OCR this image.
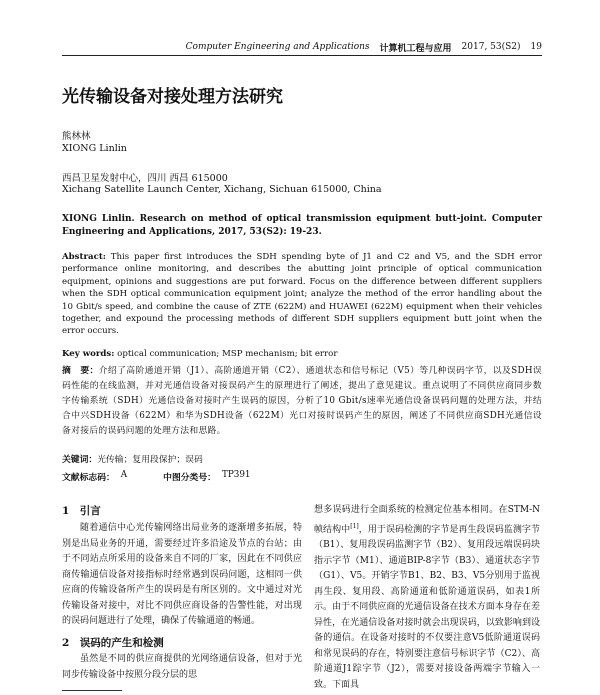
Computer Engineering and Applications 计算机工程与应用 2017, 53(S2) 19
光传输设备对接处理方法研究
熊林林
XIONG Linlin
西昌卫星发射中心，四川 西昌 615000
Xichang Satellite Launch Center, Xichang, Sichuan 615000, China
XIONG Linlin. Research on method of optical transmission equipment butt-joint. Computer Engineering and Applications, 2017, 53(S2): 19-23.
Abstract: This paper first introduces the SDH spending byte of J1 and C2 and V5, and the SDH error performance online monitoring, and describes the abutting joint principle of optical communication equipment, opinions and suggestions are put forward. Focus on the difference between different suppliers when the SDH optical communication equipment joint; analyze the method of the error handling about the 10 Gbit/s speed, and combine the cause of ZTE (622M) and HUAWEI (622M) equipment when their vehicles together, and expound the processing methods of different SDH suppliers equipment butt joint when the error occurs.
Key words: optical communication; MSP mechanism; bit error
摘　要：介绍了高阶通道开销（J1）、高阶通道开销（C2）、通道状态和信号标记（V5）等几种误码字节，以及SDH误码性能的在线监测，并对光通信设备对接误码产生的原理进行了阐述，提出了意见建议。重点说明了不同供应商同步数字传输系统（SDH）光通信设备对接时产生误码的原因，分析了10 Gbit/s速率光通信设备误码问题的处理方法，并结合中兴SDH设备（622M）和华为SDH设备（622M）光口对接时误码产生的原因，阐述了不同供应商SDH光通信设备对接后的误码问题的处理方法和思路。
关键词：光传输；复用段保护；误码
文献标志码： A	中图分类号： TP391
1　引言
随着通信中心光传输网络出局业务的逐渐增多拓展，特别是出局业务的开通，需要经过许多沿途及节点的台站；由于不同站点所采用的设备来自不同的厂家，因此在不同供应商传输通信设备对接指标时经常遇到误码问题，这相同一供应商的传输设备所产生的误码是有所区别的。文中通过对光传输设备对接中，对比不同供应商设备的告警性能，对出现的误码问题进行了处理，确保了传输通道的畅通。
2　误码的产生和检测
虽然是不同的供应商提供的光网络通信设备，但对于光同步传输设备中按照分段分层的思
想多误码进行全面系统的检测定位基本相同。在STM-N 帧结构中[1]，用于误码检测的字节是再生段误码监测字节（B1）、复用段误码监测字节（B2）、复用段远端误码块指示字节（M1）、通道BIP-8字节（B3）、通道状态字节（G1）、V5。开销字节B1、B2、B3、V5分别用于监视再生段、复用段、高阶通道和低阶通道误码，如表1所示。由于不同供应商的光通信设备在技术方面本身存在差异性，在光通信设备对接时就会出现误码，以致影响到设备的通信。在设备对接时的不仅要注意V5低阶通道误码和常见误码的存在，特别要注意信号标识字节（C2）、高阶通道J1踪字节（J2），需要对接设备两端字节输入一致。下面具
